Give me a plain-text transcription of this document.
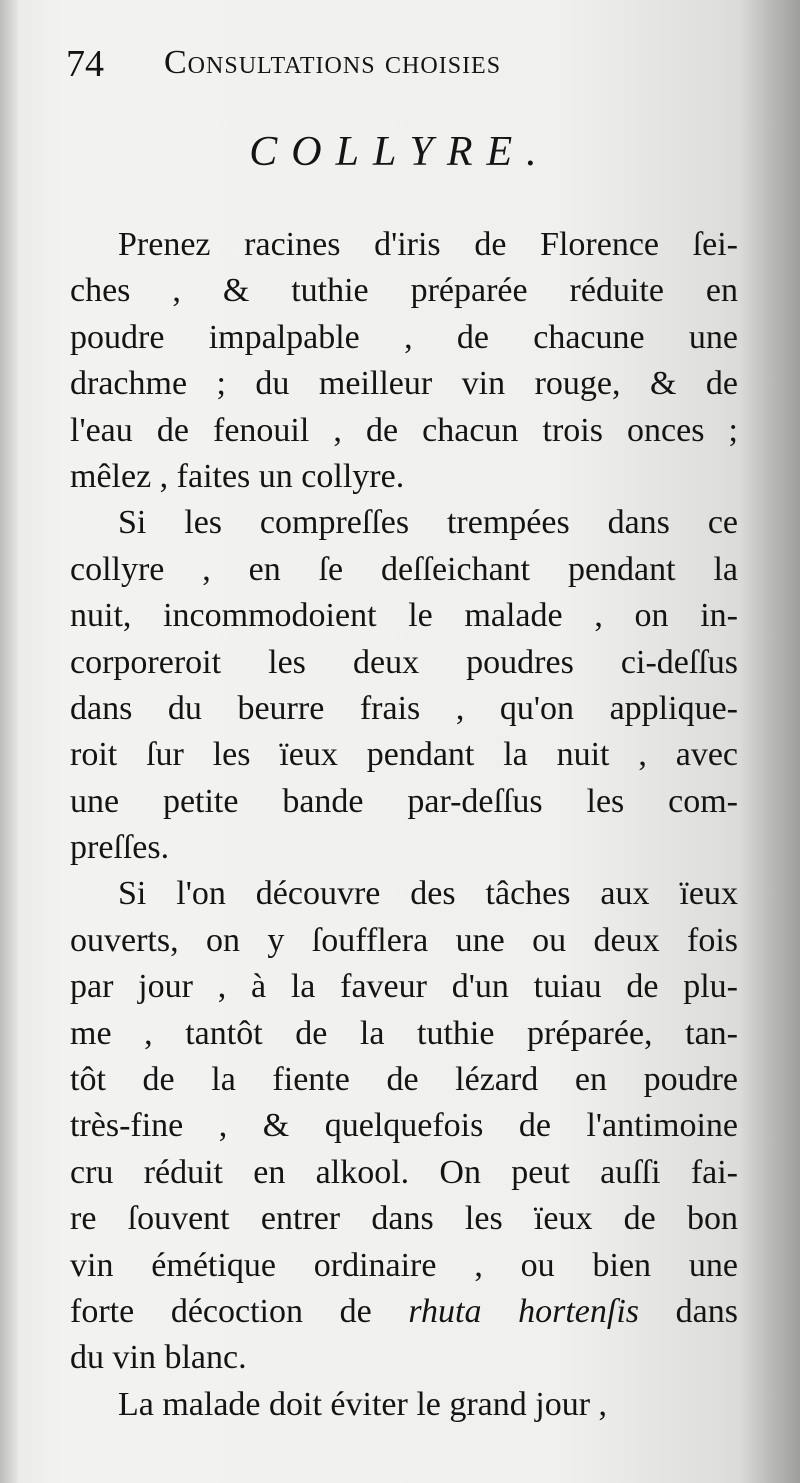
74 Consultations choisies
COLLYRE.
Prenez racines d'iris de Florence ſei-
ches , & tuthie préparée réduite en
poudre impalpable , de chacune une
drachme ; du meilleur vin rouge, & de
l'eau de fenouil , de chacun trois onces ;
mêlez , faites un collyre.
Si les compreſſes trempées dans ce
collyre , en ſe deſſeichant pendant la
nuit, incommodoient le malade , on in-
corporeroit les deux poudres ci-deſſus
dans du beurre frais , qu'on applique-
roit ſur les ïeux pendant la nuit , avec
une petite bande par-deſſus les com-
preſſes.
Si l'on découvre des tâches aux ïeux
ouverts, on y ſoufflera une ou deux fois
par jour , à la faveur d'un tuiau de plu-
me , tantôt de la tuthie préparée, tan-
tôt de la fiente de lézard en poudre
très-fine , & quelquefois de l'antimoine
cru réduit en alkool. On peut auſſi fai-
re ſouvent entrer dans les ïeux de bon
vin émétique ordinaire , ou bien une
forte décoction de rhuta hortenſis dans
du vin blanc.
La malade doit éviter le grand jour ,
